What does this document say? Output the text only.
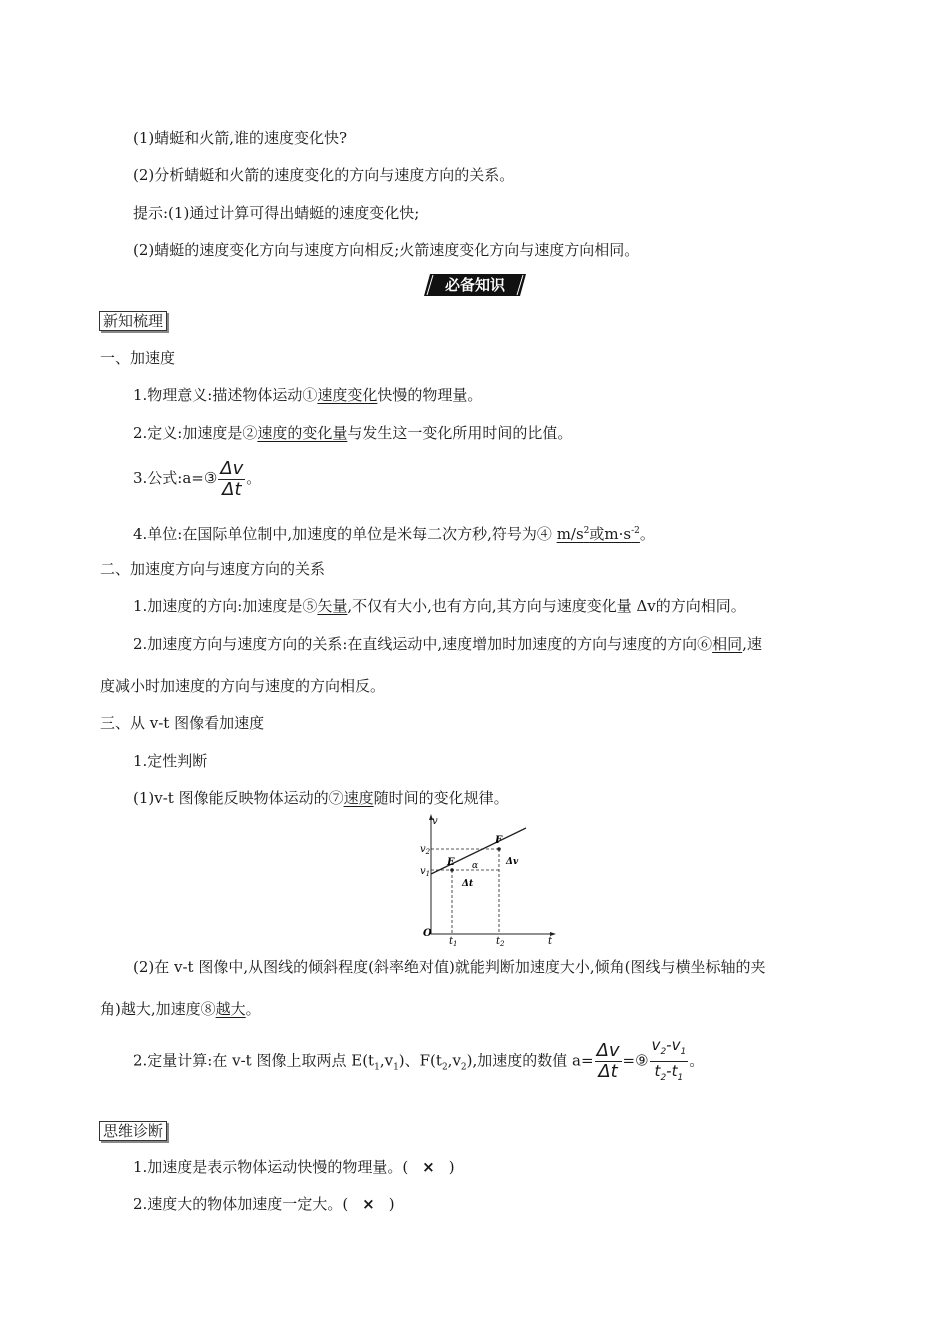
(1)蜻蜓和火箭,谁的速度变化快?
(2)分析蜻蜓和火箭的速度变化的方向与速度方向的关系。
提示:(1)通过计算可得出蜻蜓的速度变化快;
(2)蜻蜓的速度变化方向与速度方向相反;火箭速度变化方向与速度方向相同。
必备知识
新知梳理
一、加速度
1.物理意义:描述物体运动①速度变化快慢的物理量。
2.定义:加速度是②速度的变化量与发生这一变化所用时间的比值。
3.公式:a=③ $\frac{\Delta v}{\Delta t}$ 。
4.单位:在国际单位制中,加速度的单位是米每二次方秒,符号为④ $m/s^2$或$m\cdot s^{-2}$。
二、加速度方向与速度方向的关系
1.加速度的方向:加速度是⑤矢量,不仅有大小,也有方向,其方向与速度变化量 Δv的方向相同。
2.加速度方向与速度方向的关系:在直线运动中,速度增加时加速度的方向与速度的方向⑥相同,速
度减小时加速度的方向与速度的方向相反。
三、从 v-t 图像看加速度
1.定性判断
(1)v-t 图像能反映物体运动的⑦速度随时间的变化规律。
$v_2$
$v_1$
v
t
O
$t_1$	$t_2$
E
F
α
Δt
Δv
(2)在 v-t 图像中,从图线的倾斜程度(斜率绝对值)就能判断加速度大小,倾角(图线与横坐标轴的夹
角)越大,加速度⑧越大。
2.定量计算:在 v-t 图像上取两点 $E(t_1,v_1)$、$F(t_2,v_2)$,加速度的数值 $a= \frac{\Delta v}{\Delta t}$ =⑨ $\frac{v_2-v_1}{t_2-t_1}$ 。
思维诊断
1.加速度是表示物体运动快慢的物理量。( × )
2.速度大的物体加速度一定大。( × )
